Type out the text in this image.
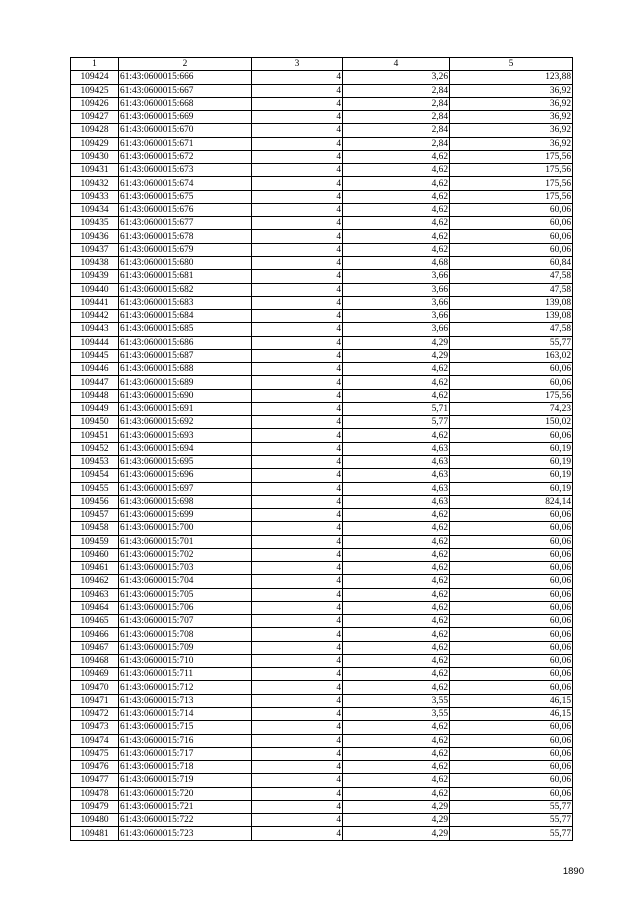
1	2	3	4	5
109424	61:43:0600015:666	4	3,26	123,88
109425	61:43:0600015:667	4	2,84	36,92
109426	61:43:0600015:668	4	2,84	36,92
109427	61:43:0600015:669	4	2,84	36,92
109428	61:43:0600015:670	4	2,84	36,92
109429	61:43:0600015:671	4	2,84	36,92
109430	61:43:0600015:672	4	4,62	175,56
109431	61:43:0600015:673	4	4,62	175,56
109432	61:43:0600015:674	4	4,62	175,56
109433	61:43:0600015:675	4	4,62	175,56
109434	61:43:0600015:676	4	4,62	60,06
109435	61:43:0600015:677	4	4,62	60,06
109436	61:43:0600015:678	4	4,62	60,06
109437	61:43:0600015:679	4	4,62	60,06
109438	61:43:0600015:680	4	4,68	60,84
109439	61:43:0600015:681	4	3,66	47,58
109440	61:43:0600015:682	4	3,66	47,58
109441	61:43:0600015:683	4	3,66	139,08
109442	61:43:0600015:684	4	3,66	139,08
109443	61:43:0600015:685	4	3,66	47,58
109444	61:43:0600015:686	4	4,29	55,77
109445	61:43:0600015:687	4	4,29	163,02
109446	61:43:0600015:688	4	4,62	60,06
109447	61:43:0600015:689	4	4,62	60,06
109448	61:43:0600015:690	4	4,62	175,56
109449	61:43:0600015:691	4	5,71	74,23
109450	61:43:0600015:692	4	5,77	150,02
109451	61:43:0600015:693	4	4,62	60,06
109452	61:43:0600015:694	4	4,63	60,19
109453	61:43:0600015:695	4	4,63	60,19
109454	61:43:0600015:696	4	4,63	60,19
109455	61:43:0600015:697	4	4,63	60,19
109456	61:43:0600015:698	4	4,63	824,14
109457	61:43:0600015:699	4	4,62	60,06
109458	61:43:0600015:700	4	4,62	60,06
109459	61:43:0600015:701	4	4,62	60,06
109460	61:43:0600015:702	4	4,62	60,06
109461	61:43:0600015:703	4	4,62	60,06
109462	61:43:0600015:704	4	4,62	60,06
109463	61:43:0600015:705	4	4,62	60,06
109464	61:43:0600015:706	4	4,62	60,06
109465	61:43:0600015:707	4	4,62	60,06
109466	61:43:0600015:708	4	4,62	60,06
109467	61:43:0600015:709	4	4,62	60,06
109468	61:43:0600015:710	4	4,62	60,06
109469	61:43:0600015:711	4	4,62	60,06
109470	61:43:0600015:712	4	4,62	60,06
109471	61:43:0600015:713	4	3,55	46,15
109472	61:43:0600015:714	4	3,55	46,15
109473	61:43:0600015:715	4	4,62	60,06
109474	61:43:0600015:716	4	4,62	60,06
109475	61:43:0600015:717	4	4,62	60,06
109476	61:43:0600015:718	4	4,62	60,06
109477	61:43:0600015:719	4	4,62	60,06
109478	61:43:0600015:720	4	4,62	60,06
109479	61:43:0600015:721	4	4,29	55,77
109480	61:43:0600015:722	4	4,29	55,77
109481	61:43:0600015:723	4	4,29	55,77
1890
